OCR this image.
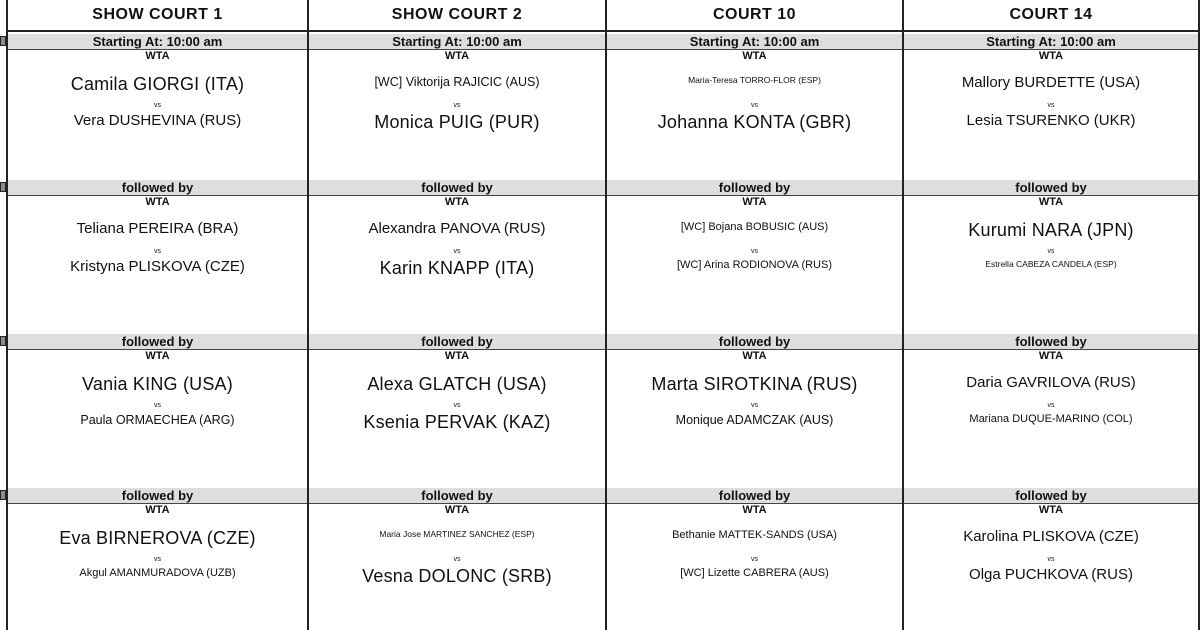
SHOW COURT 1
Starting At: 10:00 am
WTA
Camila GIORGI (ITA)
vs
Vera DUSHEVINA (RUS)
followed by
WTA
Teliana PEREIRA (BRA)
vs
Kristyna PLISKOVA (CZE)
followed by
WTA
Vania KING (USA)
vs
Paula ORMAECHEA (ARG)
followed by
WTA
Eva BIRNEROVA (CZE)
vs
Akgul AMANMURADOVA (UZB)
SHOW COURT 2
Starting At: 10:00 am
WTA
[WC] Viktorija RAJICIC (AUS)
vs
Monica PUIG (PUR)
followed by
WTA
Alexandra PANOVA (RUS)
vs
Karin KNAPP (ITA)
followed by
WTA
Alexa GLATCH (USA)
vs
Ksenia PERVAK (KAZ)
followed by
WTA
Maria Jose MARTINEZ SANCHEZ (ESP)
vs
Vesna DOLONC (SRB)
COURT 10
Starting At: 10:00 am
WTA
Maria-Teresa TORRO-FLOR (ESP)
vs
Johanna KONTA (GBR)
followed by
WTA
[WC] Bojana BOBUSIC (AUS)
vs
[WC] Arina RODIONOVA (RUS)
followed by
WTA
Marta SIROTKINA (RUS)
vs
Monique ADAMCZAK (AUS)
followed by
WTA
Bethanie MATTEK-SANDS (USA)
vs
[WC] Lizette CABRERA (AUS)
COURT 14
Starting At: 10:00 am
WTA
Mallory BURDETTE (USA)
vs
Lesia TSURENKO (UKR)
followed by
WTA
Kurumi NARA (JPN)
vs
Estrella CABEZA CANDELA (ESP)
followed by
WTA
Daria GAVRILOVA (RUS)
vs
Mariana DUQUE-MARINO (COL)
followed by
WTA
Karolina PLISKOVA (CZE)
vs
Olga PUCHKOVA (RUS)
